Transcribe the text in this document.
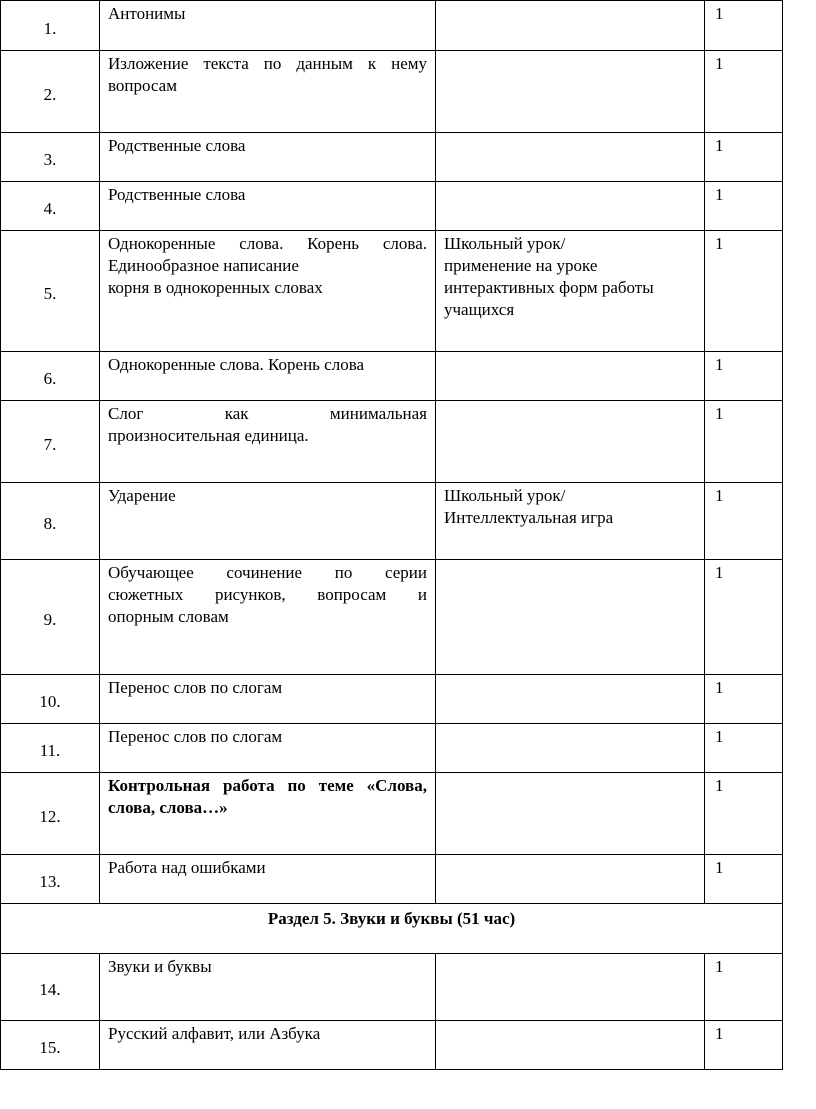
1.	Антонимы		1
2.	Изложение текста по данным к нему
вопросам		1
3.	Родственные слова		1
4.	Родственные слова		1
5.	Однокоренные слова. Корень слова.
Единообразное написание
корня в однокоренных словах	Школьный урок/
применение на уроке
интерактивных форм работы
учащихся	1
6.	Однокоренные слова. Корень слова		1
7.	Слог как минимальная
произносительная единица.		1
8.	Ударение	Школьный урок/
Интеллектуальная игра	1
9.	Обучающее сочинение по серии
сюжетных рисунков, вопросам и
опорным словам		1
10.	Перенос слов по слогам		1
11.	Перенос слов по слогам		1
12.	Контрольная работа по теме «Слова,
слова, слова…»		1
13.	Работа над ошибками		1
Раздел 5. Звуки и буквы (51 час)			
14.	Звуки и буквы		1
15.	Русский алфавит, или Азбука		1
